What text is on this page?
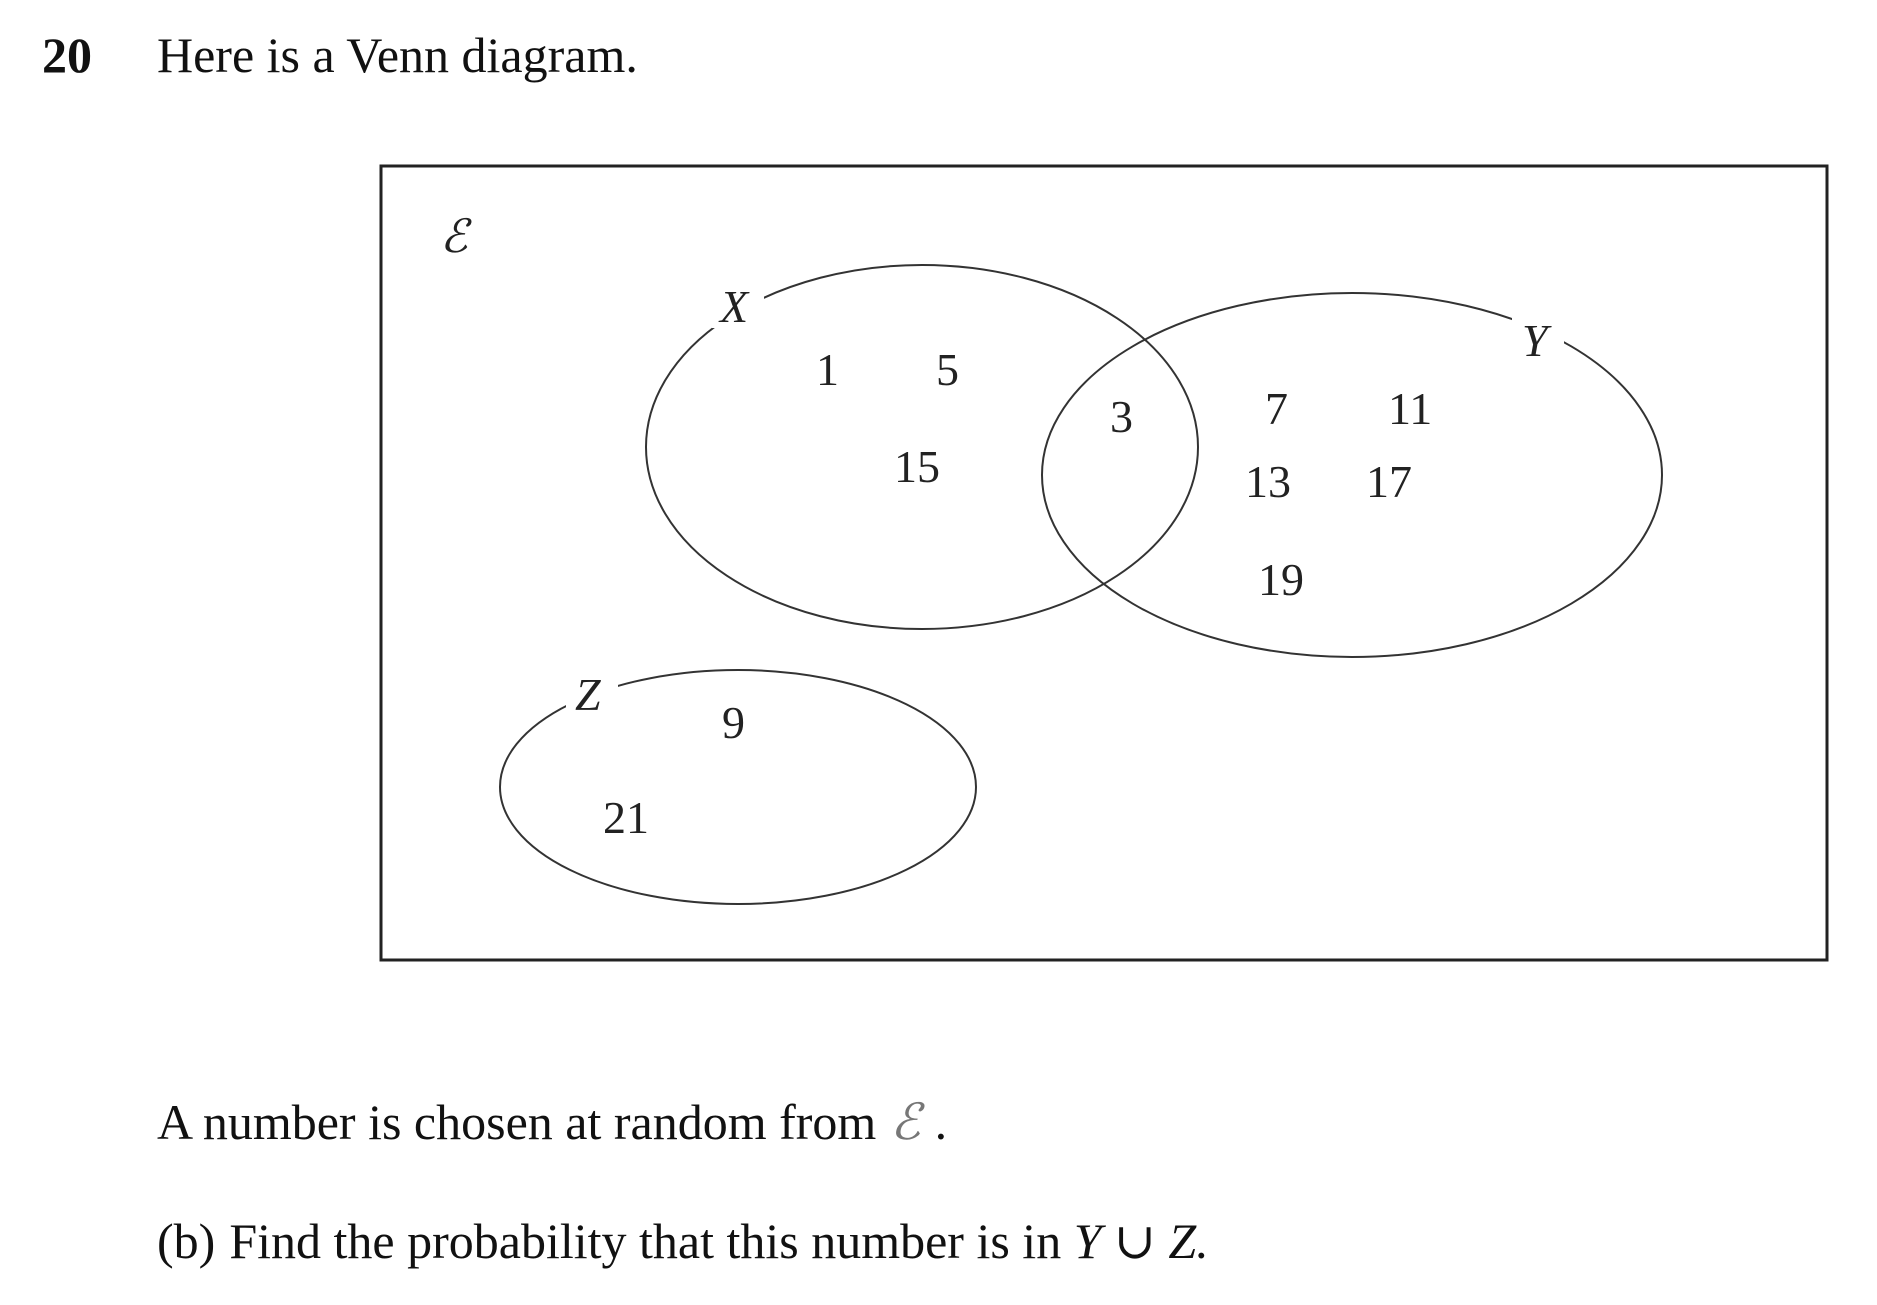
20 Here is a Venn diagram.
ℰ
X
Y
Z
1 5
15
3	7 11
13 17
19
9
21
A number is chosen at random from ℰ .
(b) Find the probability that this number is in Y ∪ Z.
